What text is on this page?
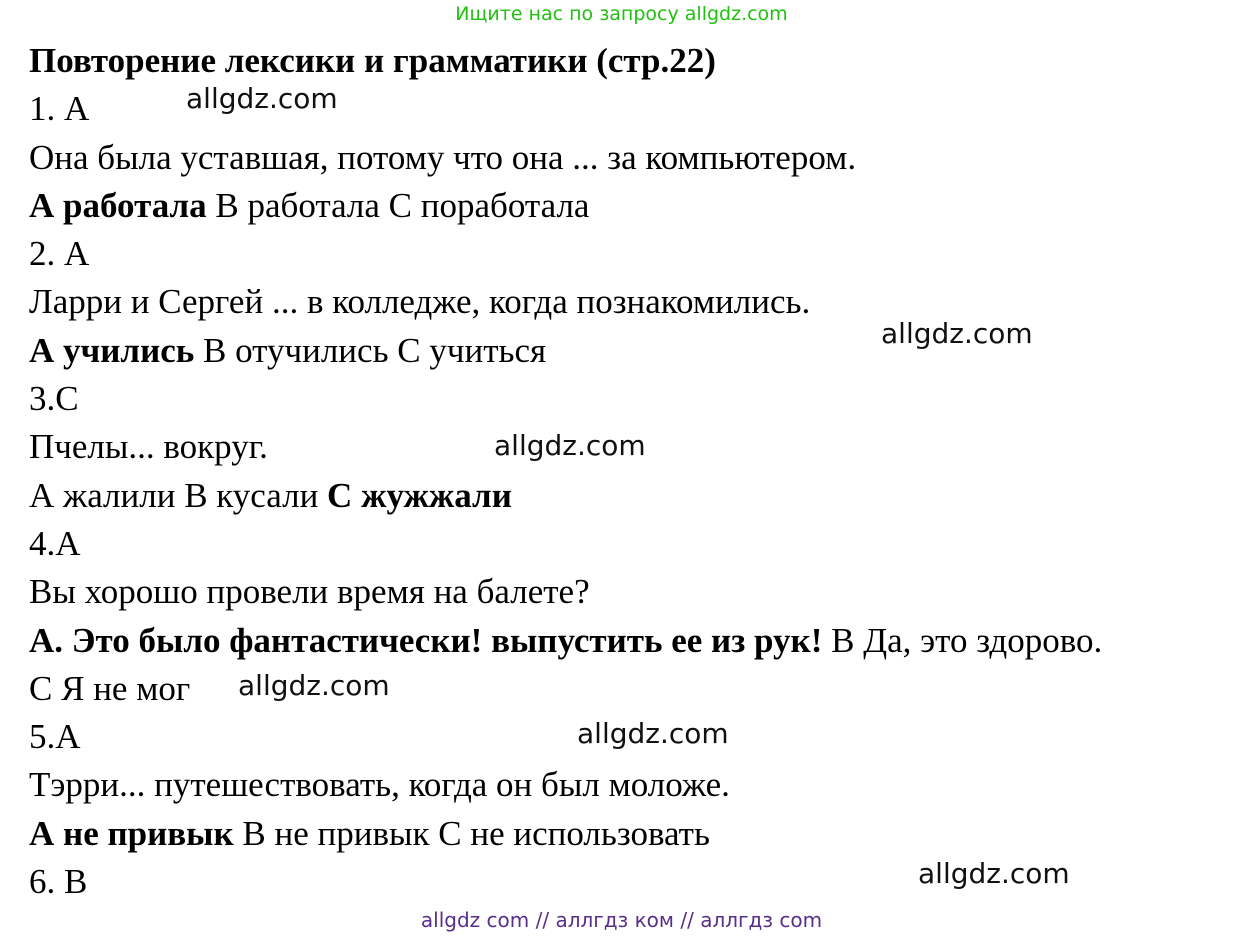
Ищите нас по запросу allgdz.com
Повторение лексики и грамматики (стр.22)
1. А
Она была уставшая, потому что она ... за компьютером.
А работала В работала С поработала
2. А
Ларри и Сергей ... в колледже, когда познакомились.
А учились В отучились С учиться
3.С
Пчелы... вокруг.
А жалили В кусали С жужжали
4.А
Вы хорошо провели время на балете?
А. Это было фантастически! выпустить ее из рук! В Да, это здорово.
С Я не мог
5.А
Тэрри... путешествовать, когда он был моложе.
А не привык В не привык С не использовать
6. В
allgdz.com
allgdz.com
allgdz.com
allgdz.com
allgdz.com
allgdz.com
allgdz com // аллгдз ком // аллгдз com
